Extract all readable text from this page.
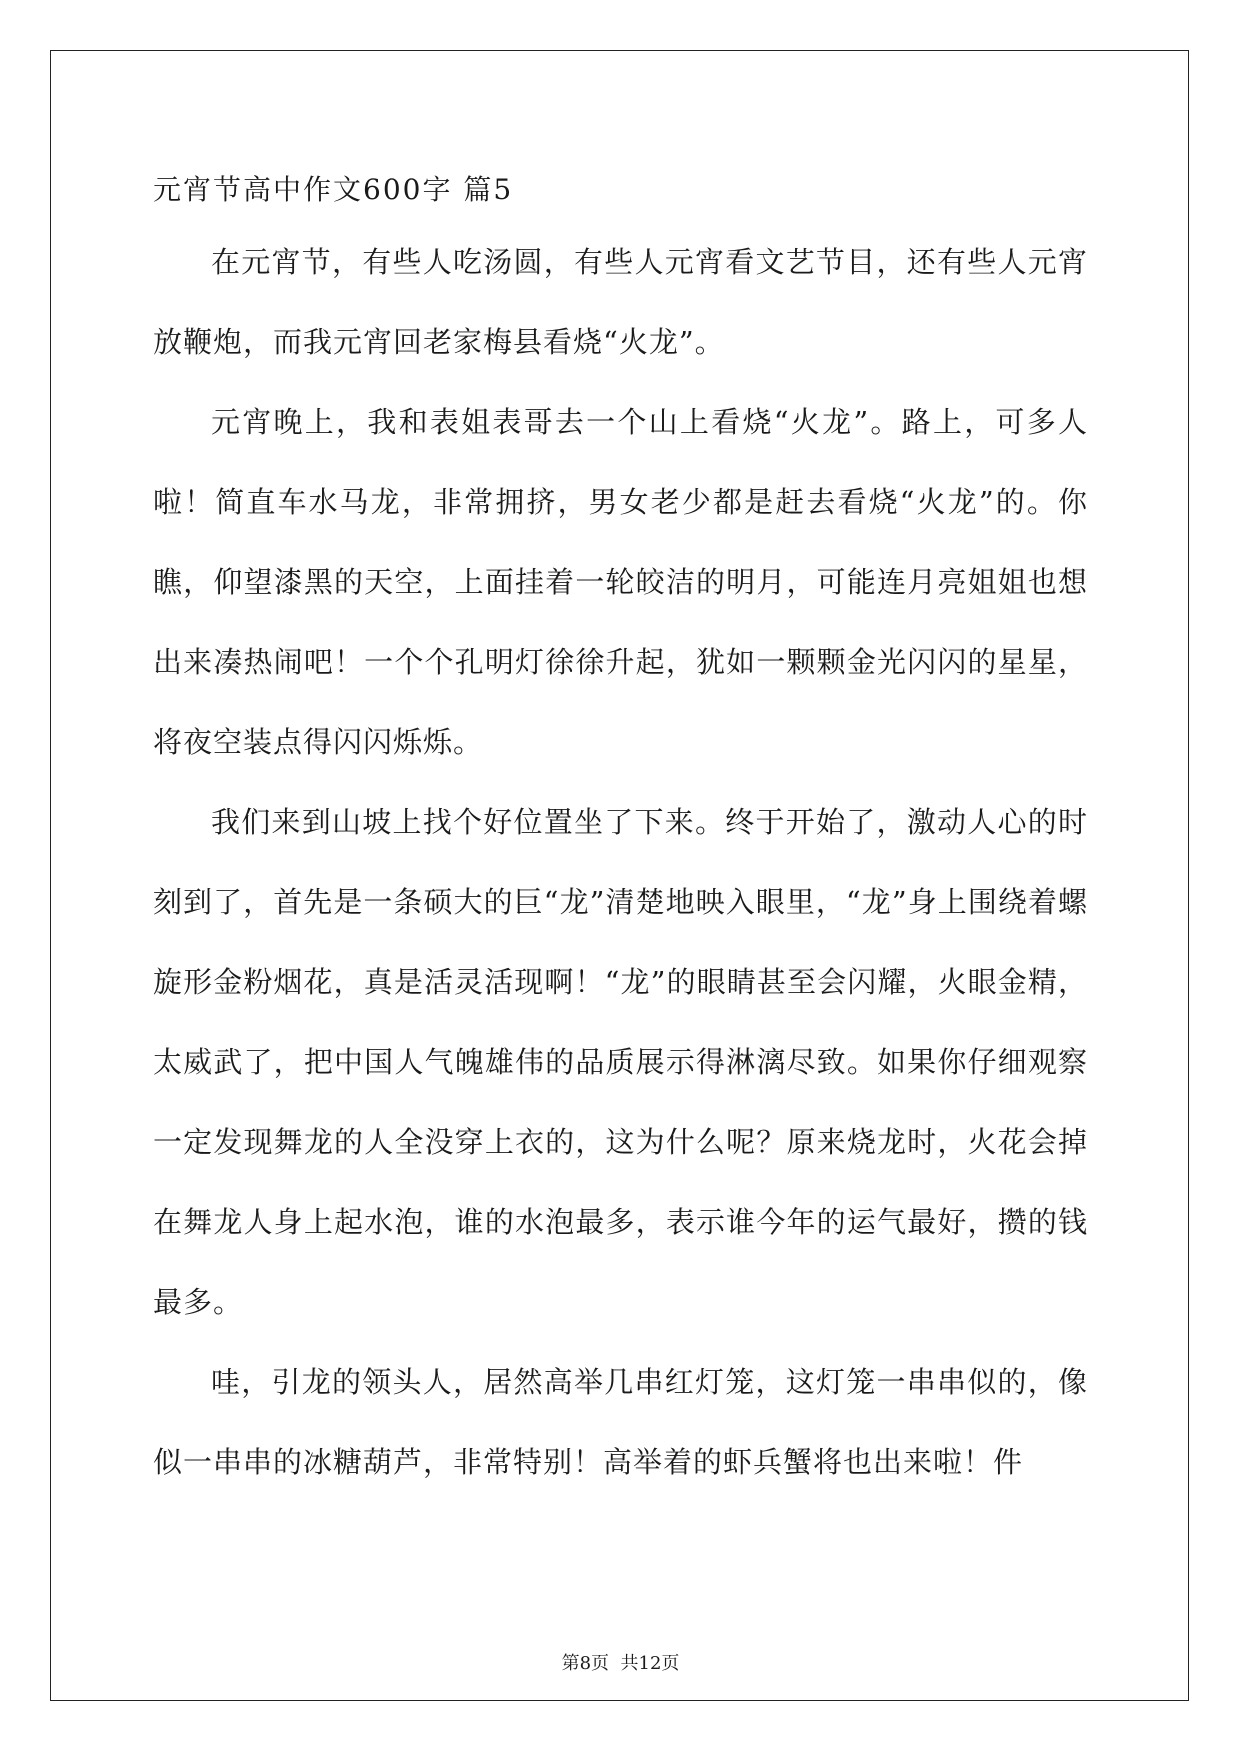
元宵节高中作文600字 篇5

在元宵节，有些人吃汤圆，有些人元宵看文艺节目，还有些人元宵放鞭炮，而我元宵回老家梅县看烧“火龙”。

元宵晚上，我和表姐表哥去一个山上看烧“火龙”。路上，可多人啦！简直车水马龙，非常拥挤，男女老少都是赶去看烧“火龙”的。你瞧，仰望漆黑的天空，上面挂着一轮皎洁的明月，可能连月亮姐姐也想出来凑热闹吧！一个个孔明灯徐徐升起，犹如一颗颗金光闪闪的星星，将夜空装点得闪闪烁烁。

我们来到山坡上找个好位置坐了下来。终于开始了，激动人心的时刻到了，首先是一条硕大的巨“龙”清楚地映入眼里，“龙”身上围绕着螺旋形金粉烟花，真是活灵活现啊！“龙”的眼睛甚至会闪耀，火眼金精，太威武了，把中国人气魄雄伟的品质展示得淋漓尽致。如果你仔细观察一定发现舞龙的人全没穿上衣的，这为什么呢？原来烧龙时，火花会掉在舞龙人身上起水泡，谁的水泡最多，表示谁今年的运气最好，攒的钱最多。

哇，引龙的领头人，居然高举几串红灯笼，这灯笼一串串似的，像似一串串的冰糖葫芦，非常特别！高举着的虾兵蟹将也出来啦！件

第8页  共12页
